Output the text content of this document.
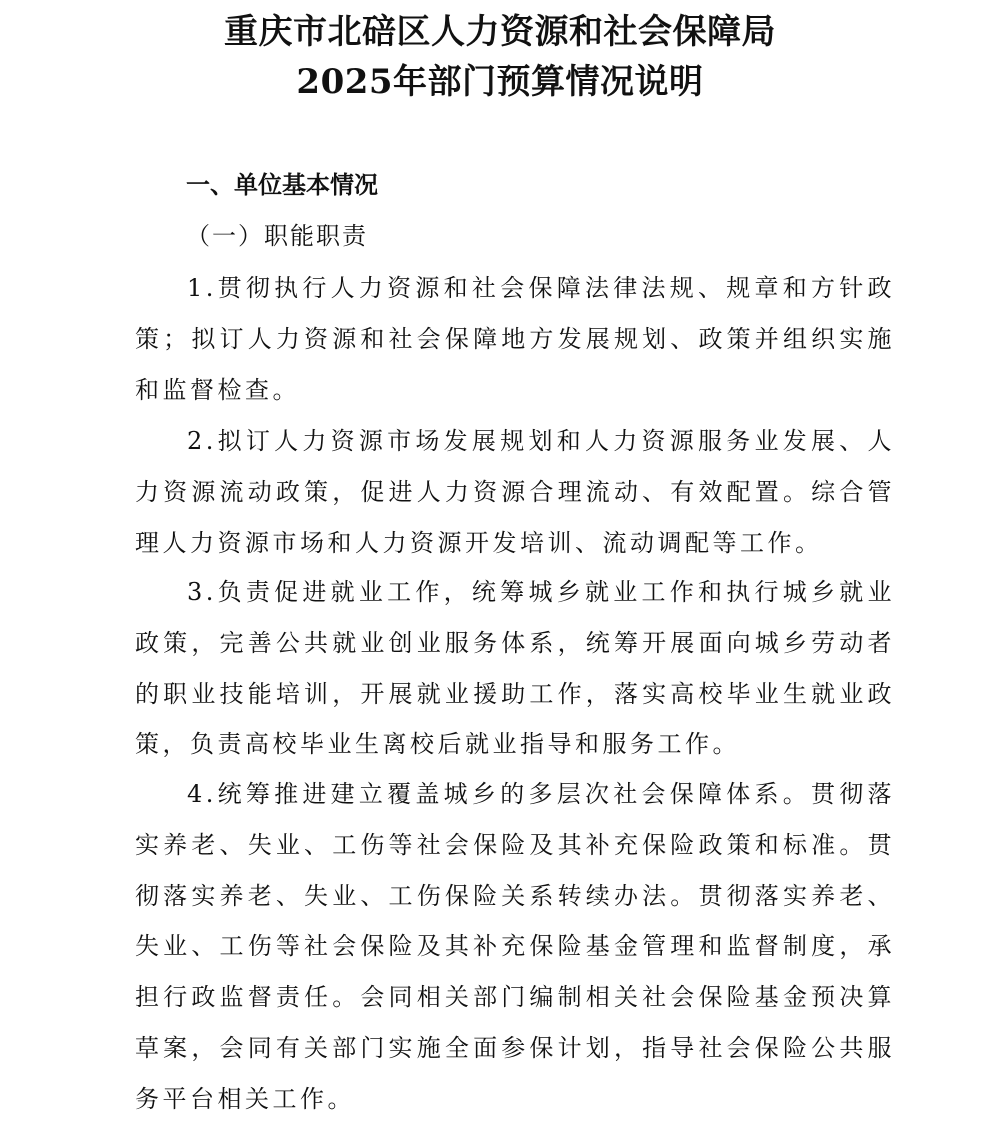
重庆市北碚区人力资源和社会保障局
2025年部门预算情况说明
一、单位基本情况
（一）职能职责

1.贯彻执行人力资源和社会保障法律法规、规章和方针政策；拟订人力资源和社会保障地方发展规划、政策并组织实施和监督检查。

2.拟订人力资源市场发展规划和人力资源服务业发展、人力资源流动政策，促进人力资源合理流动、有效配置。综合管理人力资源市场和人力资源开发培训、流动调配等工作。

3.负责促进就业工作，统筹城乡就业工作和执行城乡就业政策，完善公共就业创业服务体系，统筹开展面向城乡劳动者的职业技能培训，开展就业援助工作，落实高校毕业生就业政策，负责高校毕业生离校后就业指导和服务工作。

4.统筹推进建立覆盖城乡的多层次社会保障体系。贯彻落实养老、失业、工伤等社会保险及其补充保险政策和标准。贯彻落实养老、失业、工伤保险关系转续办法。贯彻落实养老、失业、工伤等社会保险及其补充保险基金管理和监督制度，承担行政监督责任。会同相关部门编制相关社会保险基金预决算草案，会同有关部门实施全面参保计划，指导社会保险公共服务平台相关工作。
